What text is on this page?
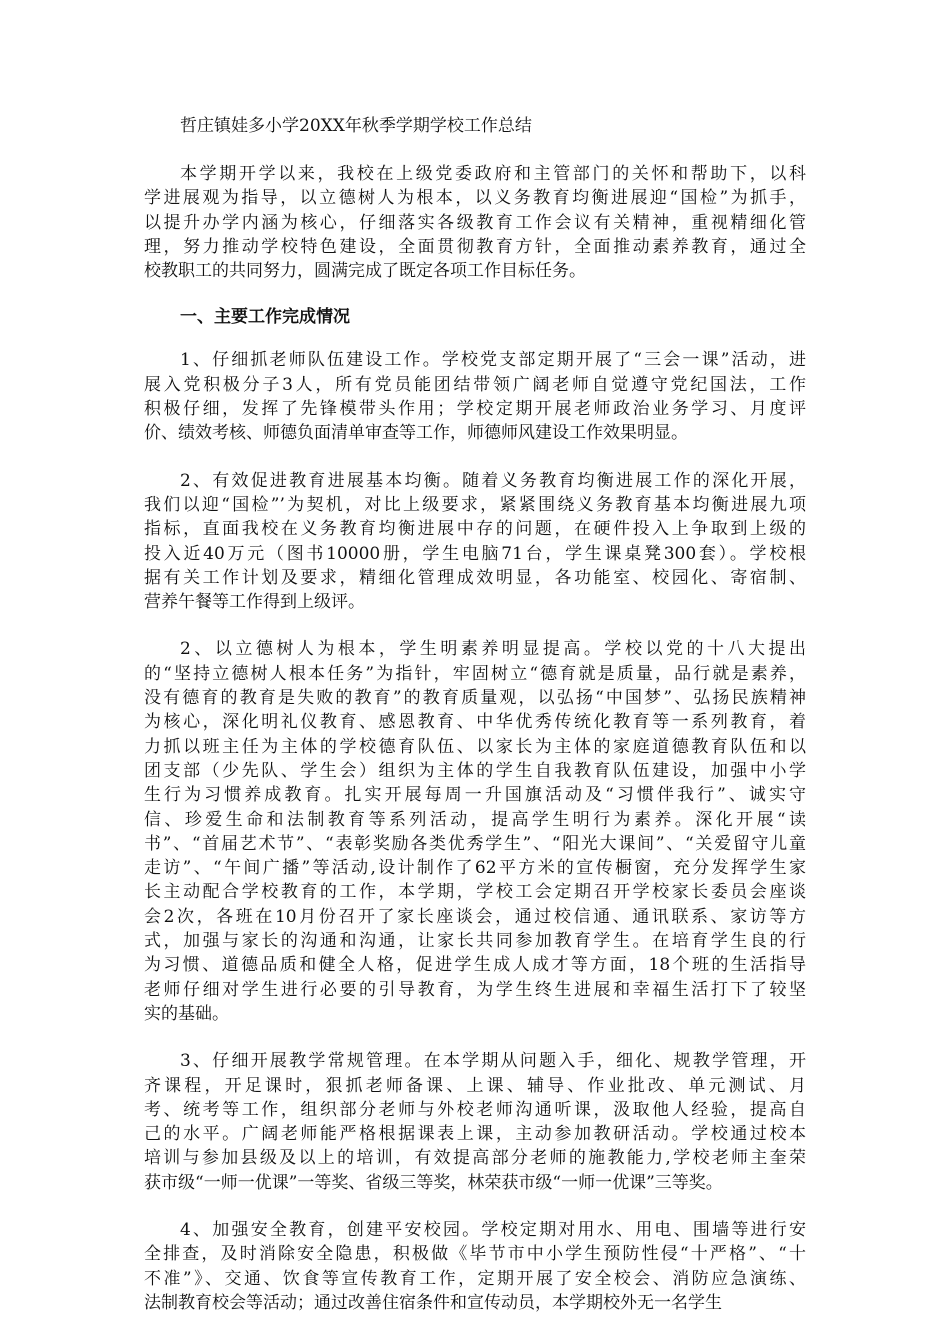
哲庄镇娃多小学20XX年秋季学期学校工作总结

本学期开学以来，我校在上级党委政府和主管部门的关怀和帮助下，以科
学进展观为指导，以立德树人为根本，以义务教育均衡进展迎“国检”为抓手，
以提升办学内涵为核心，仔细落实各级教育工作会议有关精神，重视精细化管
理，努力推动学校特色建设，全面贯彻教育方针，全面推动素养教育，通过全
校教职工的共同努力，圆满完成了既定各项工作目标任务。

一、主要工作完成情况

1、仔细抓老师队伍建设工作。学校党支部定期开展了“三会一课”活动，进
展入党积极分子3人，所有党员能团结带领广阔老师自觉遵守党纪国法，工作
积极仔细，发挥了先锋模带头作用；学校定期开展老师政治业务学习、月度评
价、绩效考核、师德负面清单审查等工作，师德师风建设工作效果明显。

2、有效促进教育进展基本均衡。随着义务教育均衡进展工作的深化开展，
我们以迎“国检”’为契机，对比上级要求，紧紧围绕义务教育基本均衡进展九项
指标，直面我校在义务教育均衡进展中存的问题，在硬件投入上争取到上级的
投入近40万元（图书10000册，学生电脑71台，学生课桌凳300套）。学校根
据有关工作计划及要求，精细化管理成效明显，各功能室、校园化、寄宿制、
营养午餐等工作得到上级评。

2、以立德树人为根本，学生明素养明显提高。学校以党的十八大提出
的“坚持立德树人根本任务”为指针，牢固树立“德育就是质量，品行就是素养，
没有德育的教育是失败的教育”的教育质量观，以弘扬“中国梦”、弘扬民族精神
为核心，深化明礼仪教育、感恩教育、中华优秀传统化教育等一系列教育，着
力抓以班主任为主体的学校德育队伍、以家长为主体的家庭道德教育队伍和以
团支部（少先队、学生会）组织为主体的学生自我教育队伍建设，加强中小学
生行为习惯养成教育。扎实开展每周一升国旗活动及“习惯伴我行”、诚实守
信、珍爱生命和法制教育等系列活动，提高学生明行为素养。深化开展“读
书”、“首届艺术节”、“表彰奖励各类优秀学生”、“阳光大课间”、“关爱留守儿童
走访”、“午间广播”等活动,设计制作了62平方米的宣传橱窗，充分发挥学生家
长主动配合学校教育的工作，本学期，学校工会定期召开学校家长委员会座谈
会2次，各班在10月份召开了家长座谈会，通过校信通、通讯联系、家访等方
式，加强与家长的沟通和沟通，让家长共同参加教育学生。在培育学生良的行
为习惯、道德品质和健全人格，促进学生成人成才等方面，18个班的生活指导
老师仔细对学生进行必要的引导教育，为学生终生进展和幸福生活打下了较坚
实的基础。

3、仔细开展教学常规管理。在本学期从问题入手，细化、规教学管理，开
齐课程，开足课时，狠抓老师备课、上课、辅导、作业批改、单元测试、月
考、统考等工作，组织部分老师与外校老师沟通听课，汲取他人经验，提高自
己的水平。广阔老师能严格根据课表上课，主动参加教研活动。学校通过校本
培训与参加县级及以上的培训，有效提高部分老师的施教能力,学校老师主奎荣
获市级“一师一优课”一等奖、省级三等奖，林荣获市级“一师一优课”三等奖。

4、加强安全教育，创建平安校园。学校定期对用水、用电、围墙等进行安
全排查，及时消除安全隐患，积极做《毕节市中小学生预防性侵“十严格”、“十
不准”》、交通、饮食等宣传教育工作，定期开展了安全校会、消防应急演练、
法制教育校会等活动；通过改善住宿条件和宣传动员，本学期校外无一名学生
